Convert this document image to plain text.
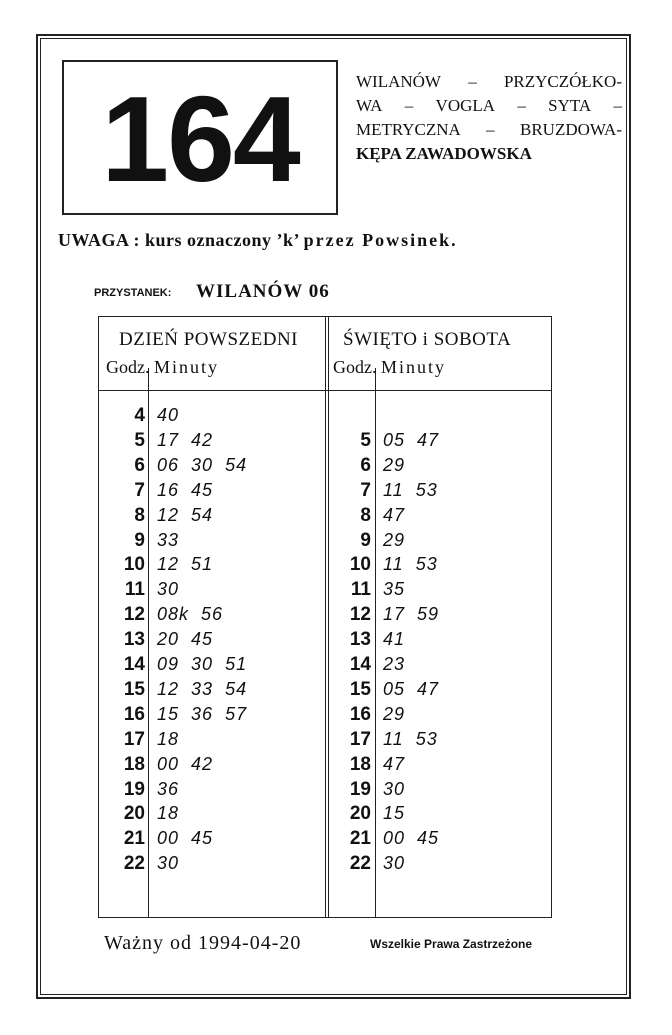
164	WILANÓW – PRZYCZÓŁKO-
WA – VOGLA – SYTA –
METRYCZNA – BRUZDOWA-
KĘPA ZAWADOWSKA
UWAGA : kurs oznaczony ’k’ przez Powsinek.
PRZYSTANEK: WILANÓW 06
DZIEŃ POWSZEDNI
Godz. Minuty
ŚWIĘTO i SOBOTA
Godz. Minuty
4 40
5 17 42
6 06 30 54
7 16 45
8 12 54
9 33
10 12 51
11 30
12 08k 56
13 20 45
14 09 30 51
15 12 33 54
16 15 36 57
17 18
18 00 42
19 36
20 18
21 00 45
22 30
5 05 47
6 29
7 11 53
8 47
9 29
10 11 53
11 35
12 17 59
13 41
14 23
15 05 47
16 29
17 11 53
18 47
19 30
20 15
21 00 45
22 30
Ważny od 1994-04-20	Wszelkie Prawa Zastrzeżone
